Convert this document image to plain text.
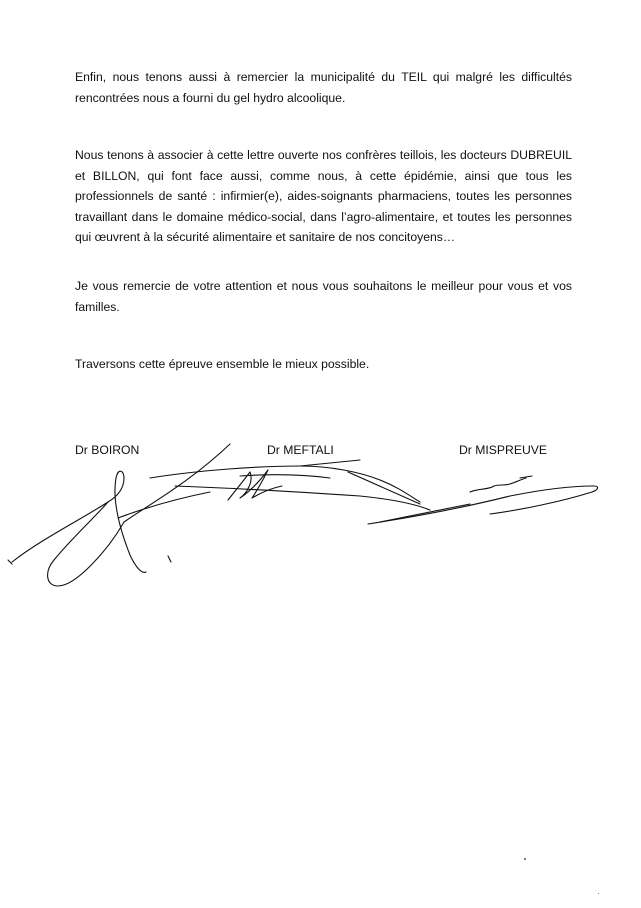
Enfin, nous tenons aussi à remercier la municipalité du TEIL qui malgré les difficultés rencontrées nous a fourni du gel hydro alcoolique.

Nous tenons à associer à cette lettre ouverte nos confrères teillois, les docteurs DUBREUIL et BILLON, qui font face aussi, comme nous, à cette épidémie, ainsi que tous les professionnels de santé : infirmier(e), aides-soignants pharmaciens, toutes les personnes travaillant dans le domaine médico-social, dans l’agro-alimentaire, et toutes les personnes qui œuvrent à la sécurité alimentaire et sanitaire de nos concitoyens…

Je vous remercie de votre attention et nous vous souhaitons le meilleur pour vous et vos familles.

Traversons cette épreuve ensemble le mieux possible.

Dr BOIRON	Dr MEFTALI	Dr MISPREUVE
